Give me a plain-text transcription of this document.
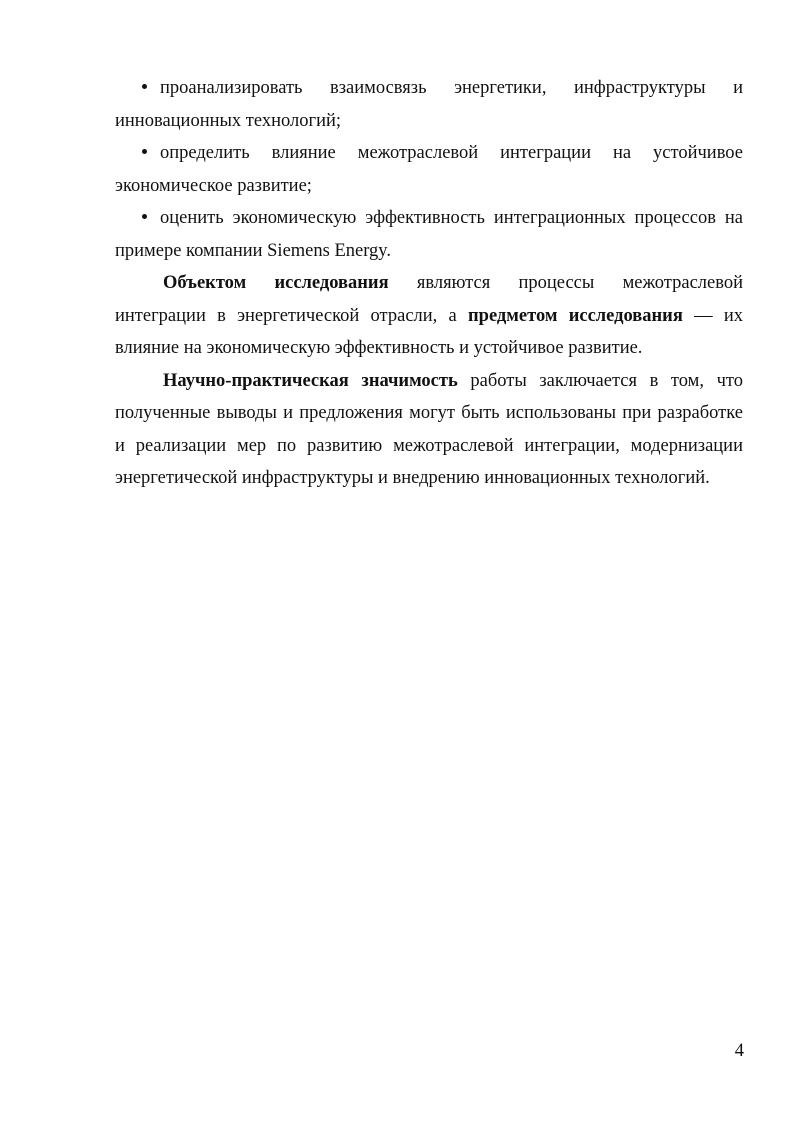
проанализировать взаимосвязь энергетики, инфраструктуры и инновационных технологий;

определить влияние межотраслевой интеграции на устойчивое экономическое развитие;

оценить экономическую эффективность интеграционных процессов на примере компании Siemens Energy.

Объектом исследования являются процессы межотраслевой интеграции в энергетической отрасли, а предметом исследования — их влияние на экономическую эффективность и устойчивое развитие.

Научно-практическая значимость работы заключается в том, что полученные выводы и предложения могут быть использованы при разработке и реализации мер по развитию межотраслевой интеграции, модернизации энергетической инфраструктуры и внедрению инновационных технологий.

4
